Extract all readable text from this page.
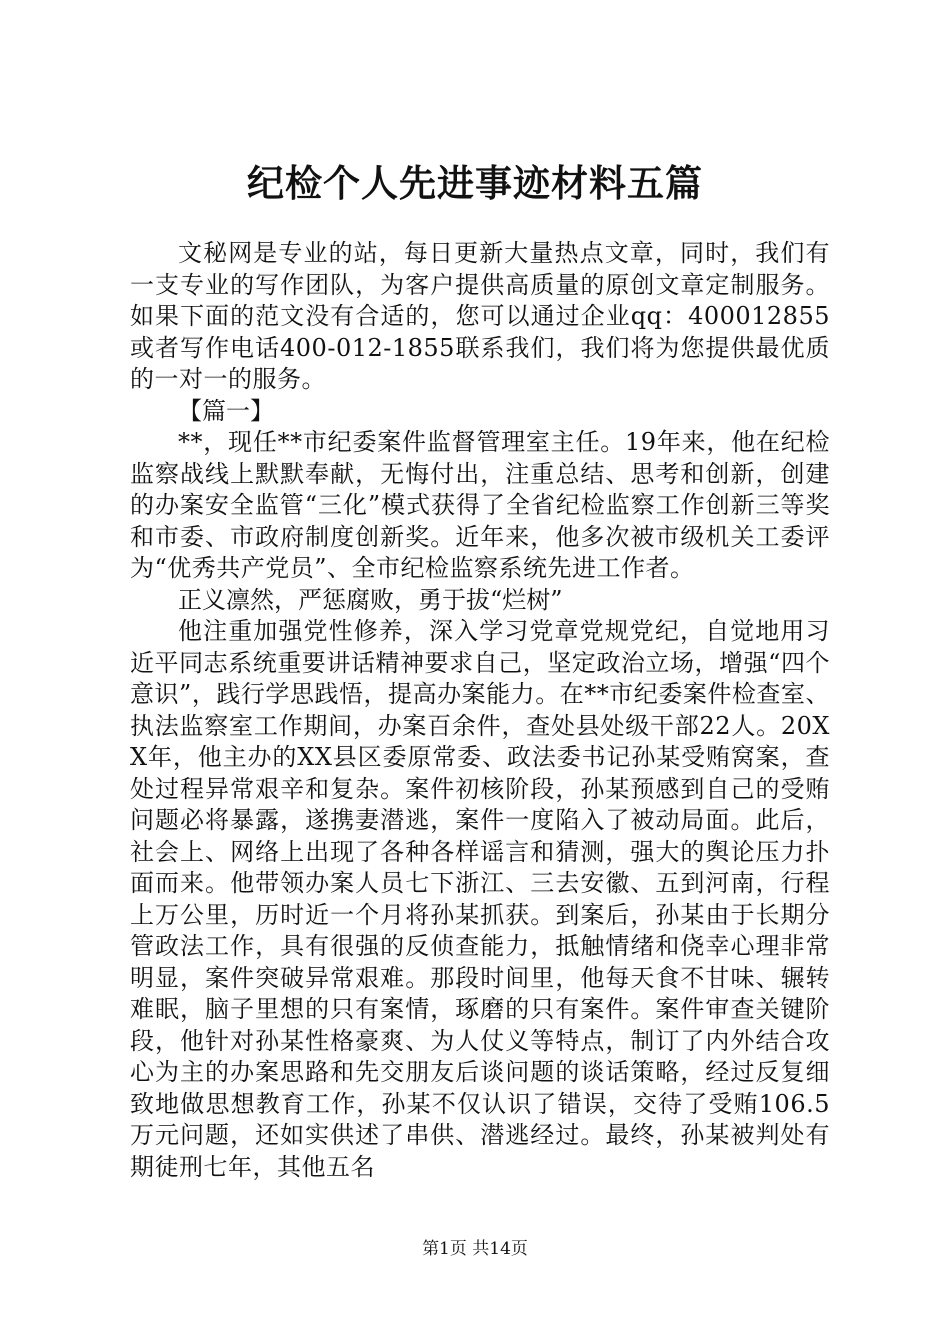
纪检个人先进事迹材料五篇

文秘网是专业的站，每日更新大量热点文章，同时，我们有一支专业的写作团队，为客户提供高质量的原创文章定制服务。如果下面的范文没有合适的，您可以通过企业qq：400012855或者写作电话400-012-1855联系我们，我们将为您提供最优质的一对一的服务。

【篇一】

**，现任**市纪委案件监督管理室主任。19年来，他在纪检监察战线上默默奉献，无悔付出，注重总结、思考和创新，创建的办案安全监管“三化”模式获得了全省纪检监察工作创新三等奖和市委、市政府制度创新奖。近年来，他多次被市级机关工委评为“优秀共产党员”、全市纪检监察系统先进工作者。

正义凛然，严惩腐败，勇于拔“烂树”

他注重加强党性修养，深入学习党章党规党纪，自觉地用习近平同志系统重要讲话精神要求自己，坚定政治立场，增强“四个意识”，践行学思践悟，提高办案能力。在**市纪委案件检查室、执法监察室工作期间，办案百余件，查处县处级干部22人。20XX年，他主办的XX县区委原常委、政法委书记孙某受贿窝案，查处过程异常艰辛和复杂。案件初核阶段，孙某预感到自己的受贿问题必将暴露，遂携妻潜逃，案件一度陷入了被动局面。此后，社会上、网络上出现了各种各样谣言和猜测，强大的舆论压力扑面而来。他带领办案人员七下浙江、三去安徽、五到河南，行程上万公里，历时近一个月将孙某抓获。到案后，孙某由于长期分管政法工作，具有很强的反侦查能力，抵触情绪和侥幸心理非常明显，案件突破异常艰难。那段时间里，他每天食不甘味、辗转难眠，脑子里想的只有案情，琢磨的只有案件。案件审查关键阶段，他针对孙某性格豪爽、为人仗义等特点，制订了内外结合攻心为主的办案思路和先交朋友后谈问题的谈话策略，经过反复细致地做思想教育工作，孙某不仅认识了错误，交待了受贿106.5万元问题，还如实供述了串供、潜逃经过。最终，孙某被判处有期徒刑七年，其他五名

第1页 共14页
